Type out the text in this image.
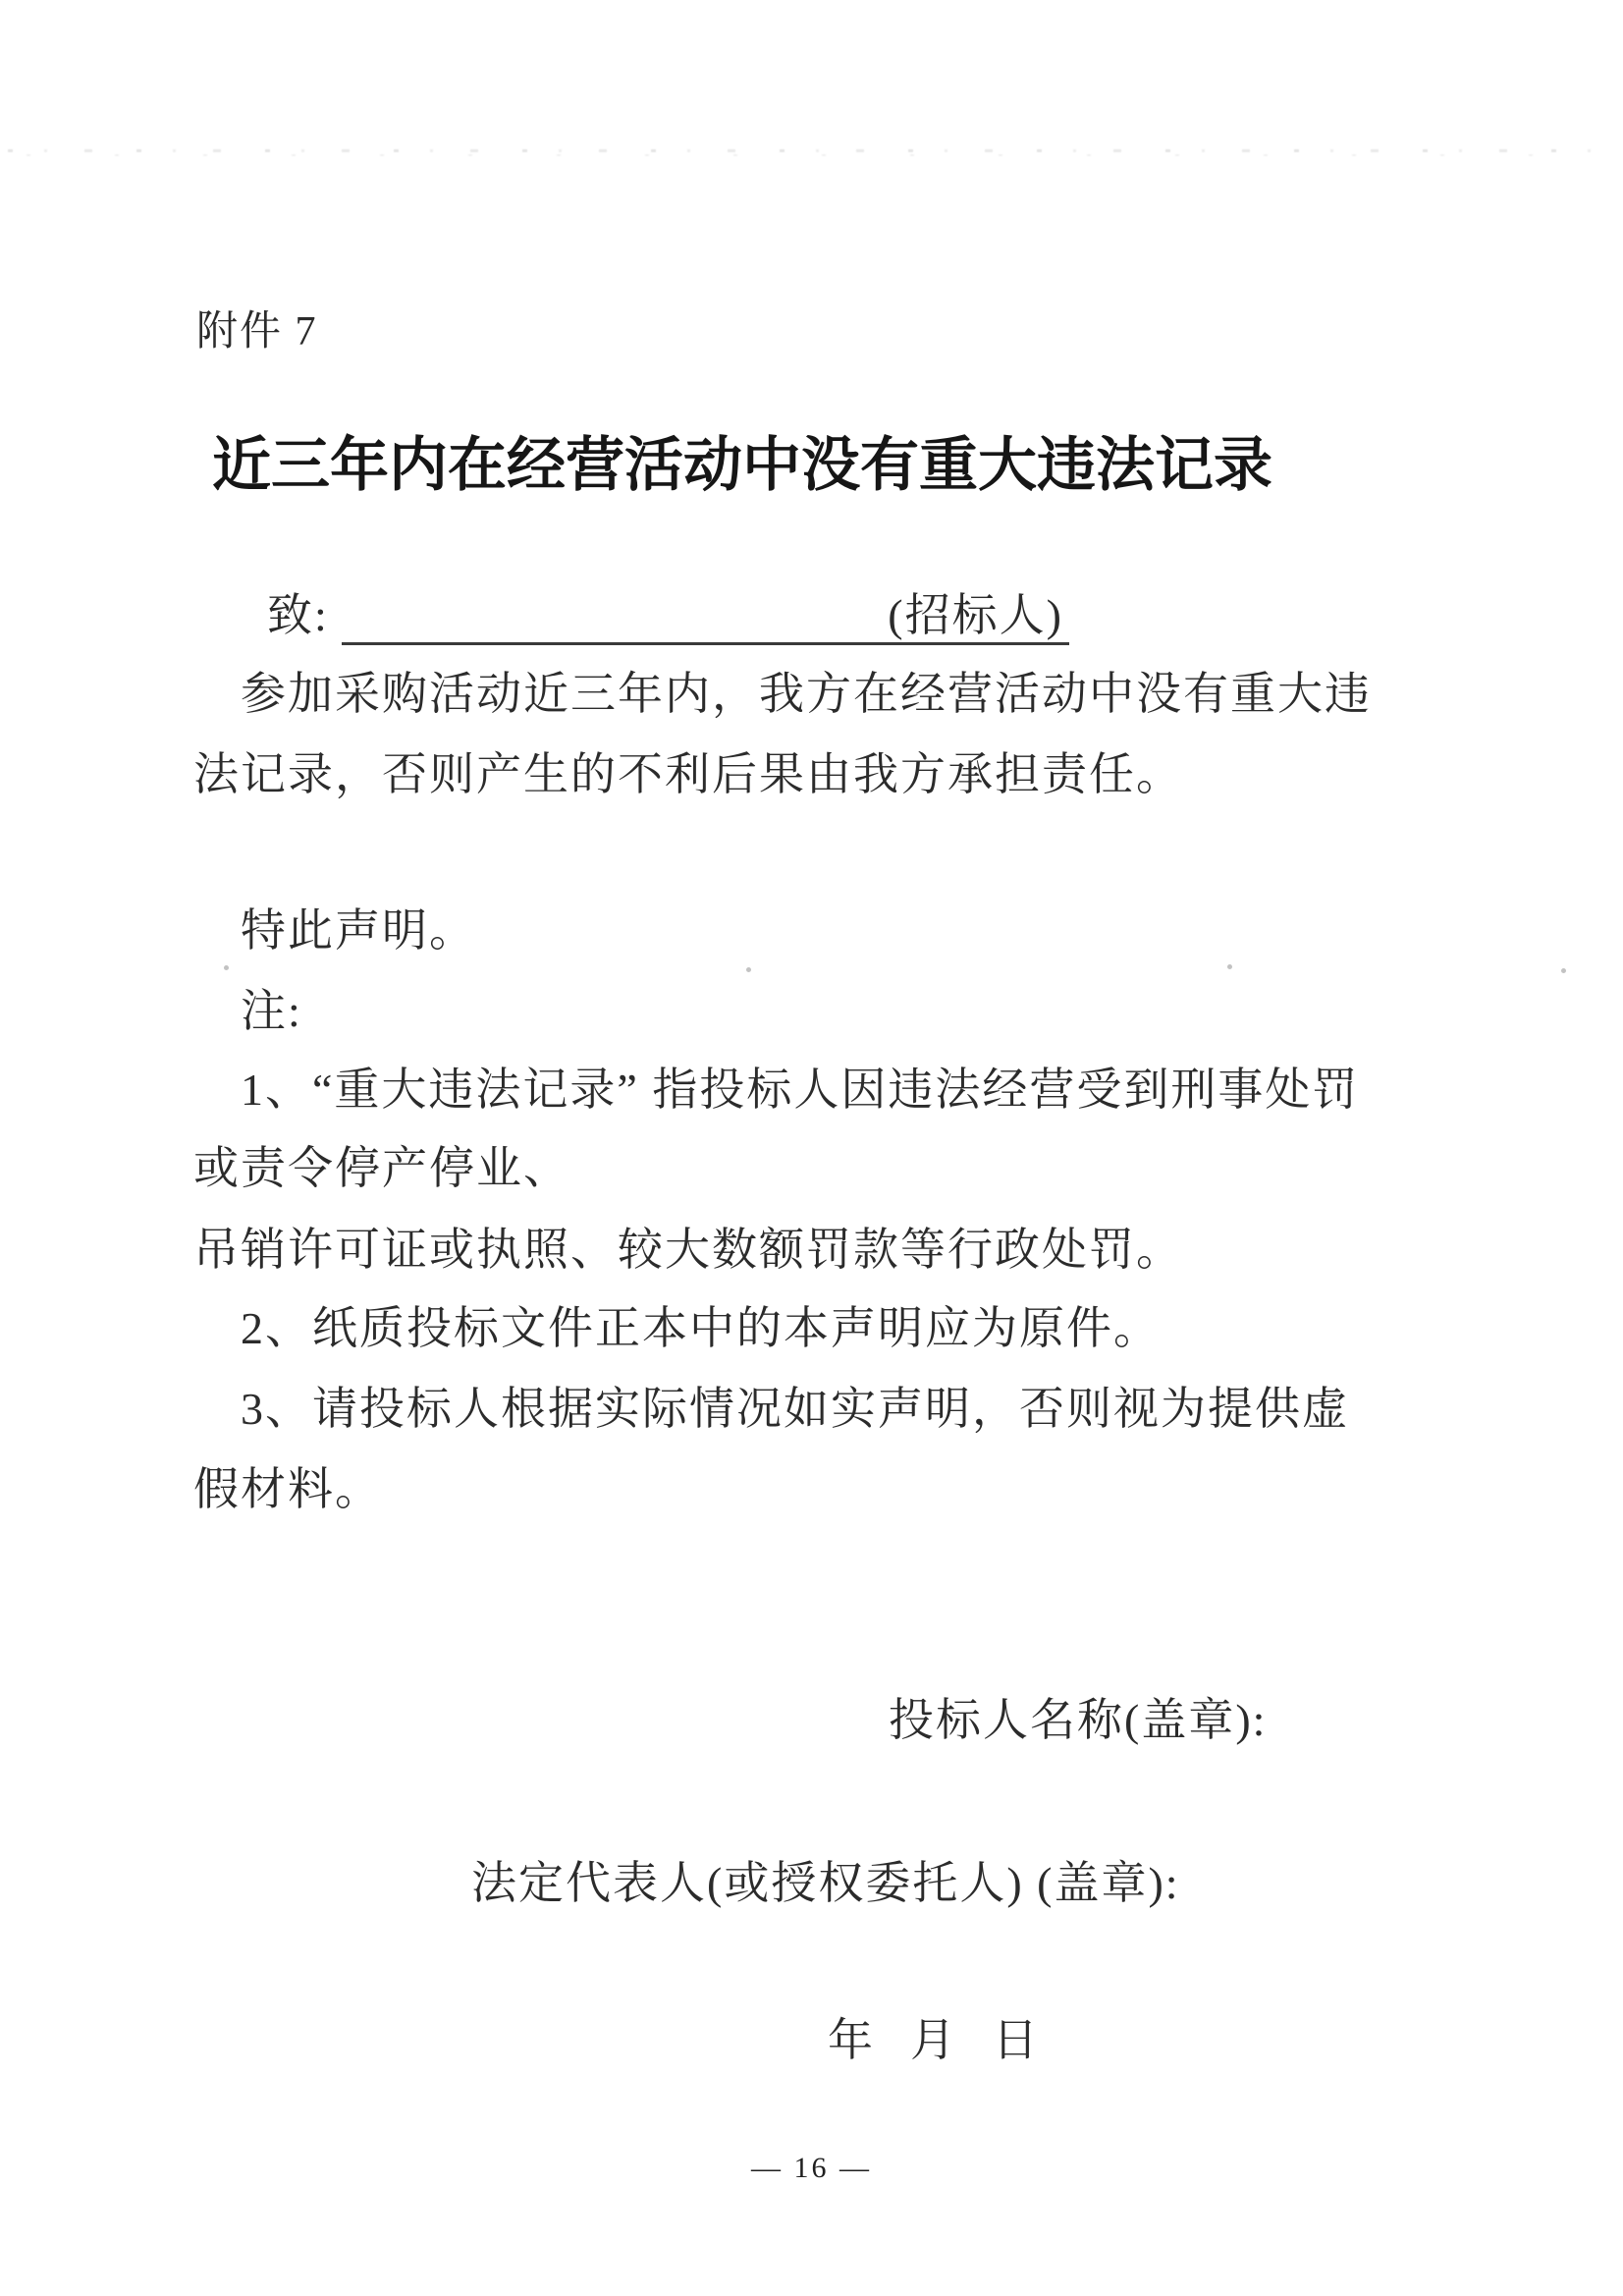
附件 7
近三年内在经营活动中没有重大违法记录
致:	(招标人)
参加采购活动近三年内，我方在经营活动中没有重大违
法记录，否则产生的不利后果由我方承担责任。
特此声明。
注:
1、“重大违法记录” 指投标人因违法经营受到刑事处罚
或责令停产停业、
吊销许可证或执照、较大数额罚款等行政处罚。
2、纸质投标文件正本中的本声明应为原件。
3、请投标人根据实际情况如实声明，否则视为提供虚
假材料。
投标人名称(盖章):
法定代表人(或授权委托人) (盖章):
年 月 日
— 16 —
